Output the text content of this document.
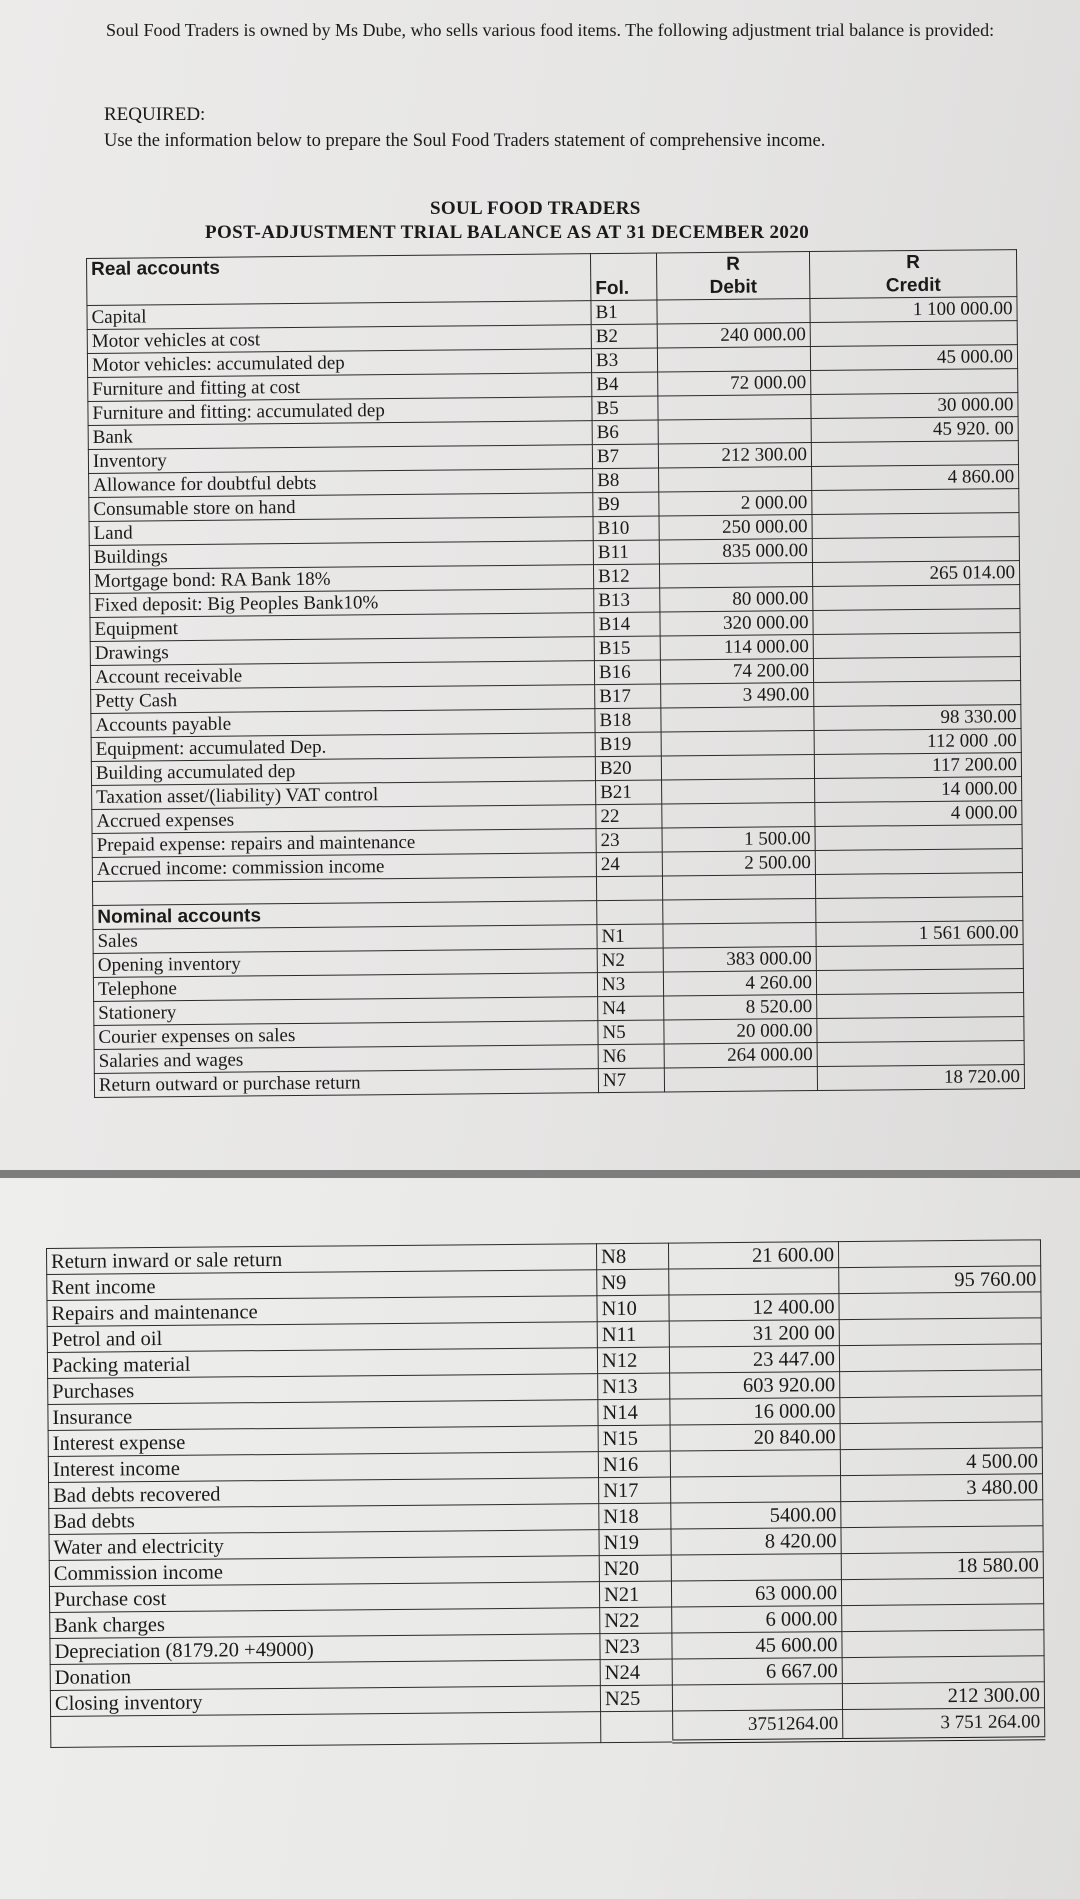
Soul Food Traders is owned by Ms Dube, who sells various food items. The following adjustment trial balance is provided:
REQUIRED:
Use the information below to prepare the Soul Food Traders statement of comprehensive income.
SOUL FOOD TRADERS
POST-ADJUSTMENT TRIAL BALANCE AS AT 31 DECEMBER 2020
Real accounts		R	R
	Fol.	Debit	Credit
Capital	B1		1 100 000.00
Motor vehicles at cost	B2	240 000.00	
Motor vehicles: accumulated dep	B3		45 000.00
Furniture and fitting at cost	B4	72 000.00	
Furniture and fitting: accumulated dep	B5		30 000.00
Bank	B6		45 920. 00
Inventory	B7	212 300.00	
Allowance for doubtful debts	B8		4 860.00
Consumable store on hand	B9	2 000.00	
Land	B10	250 000.00	
Buildings	B11	835 000.00	
Mortgage bond: RA Bank 18%	B12		265 014.00
Fixed deposit: Big Peoples Bank10%	B13	80 000.00	
Equipment	B14	320 000.00	
Drawings	B15	114 000.00	
Account receivable	B16	74 200.00	
Petty Cash	B17	3 490.00	
Accounts payable	B18		98 330.00
Equipment: accumulated Dep.	B19		112 000 .00
Building accumulated dep	B20		117 200.00
Taxation asset/(liability) VAT control	B21		14 000.00
Accrued expenses	22		4 000.00
Prepaid expense: repairs and maintenance	23	1 500.00	
Accrued income: commission income	24	2 500.00	

Nominal accounts			
Sales	N1		1 561 600.00
Opening inventory	N2	383 000.00	
Telephone	N3	4 260.00	
Stationery	N4	8 520.00	
Courier expenses on sales	N5	20 000.00	
Salaries and wages	N6	264 000.00	
Return outward or purchase return	N7		18 720.00
Return inward or sale return	N8	21 600.00	
Rent income	N9		95 760.00
Repairs and maintenance	N10	12 400.00	
Petrol and oil	N11	31 200 00	
Packing material	N12	23 447.00	
Purchases	N13	603 920.00	
Insurance	N14	16 000.00	
Interest expense	N15	20 840.00	
Interest income	N16		4 500.00
Bad debts recovered	N17		3 480.00
Bad debts	N18	5400.00	
Water and electricity	N19	8 420.00	
Commission income	N20		18 580.00
Purchase cost	N21	63 000.00	
Bank charges	N22	6 000.00	
Depreciation (8179.20 +49000)	N23	45 600.00	
Donation	N24	6 667.00	
Closing inventory	N25		212 300.00
		3751264.00	3 751 264.00
